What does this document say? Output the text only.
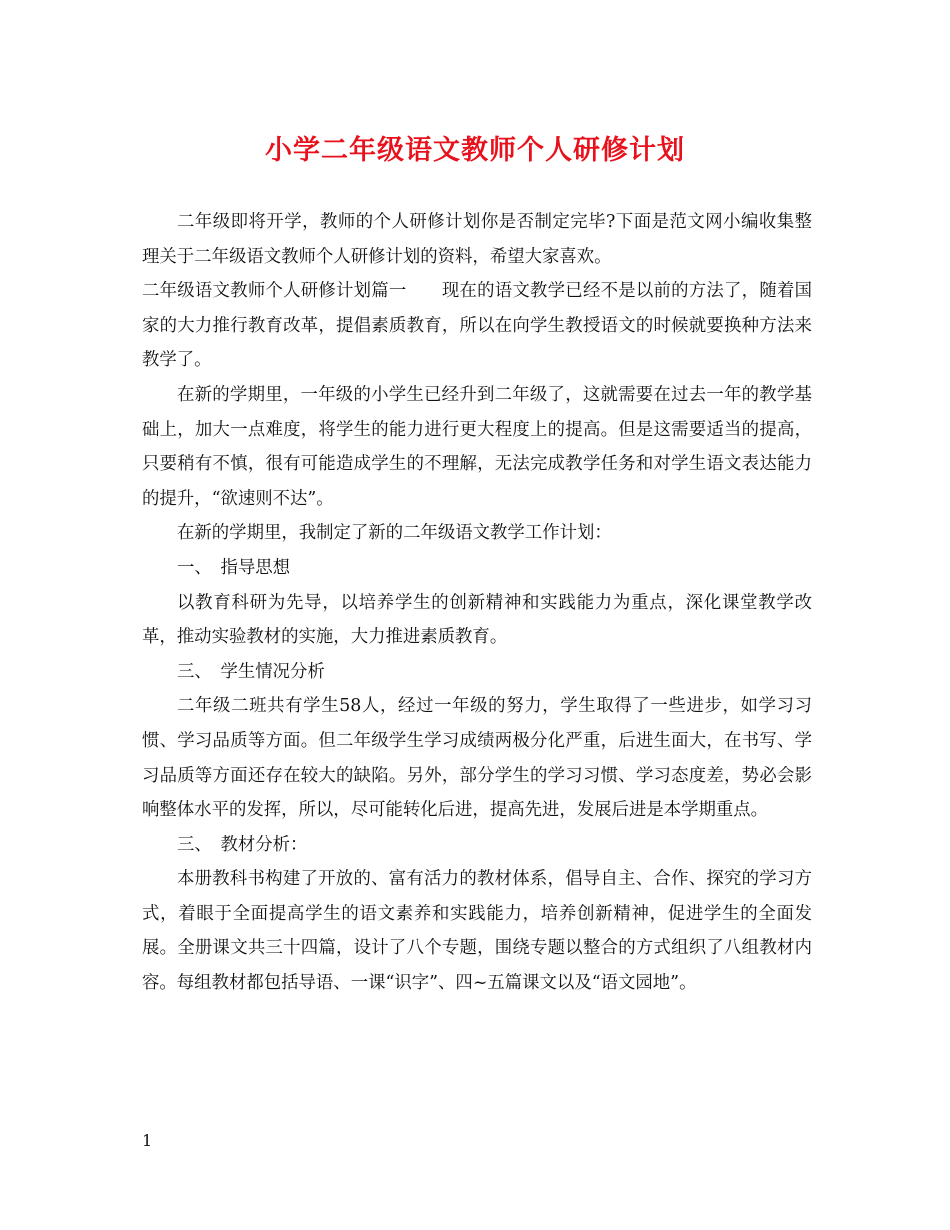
小学二年级语文教师个人研修计划

二年级即将开学，教师的个人研修计划你是否制定完毕?下面是范文网小编收集整理关于二年级语文教师个人研修计划的资料，希望大家喜欢。

二年级语文教师个人研修计划篇一　　现在的语文教学已经不是以前的方法了，随着国家的大力推行教育改革，提倡素质教育，所以在向学生教授语文的时候就要换种方法来教学了。

在新的学期里，一年级的小学生已经升到二年级了，这就需要在过去一年的教学基础上，加大一点难度，将学生的能力进行更大程度上的提高。但是这需要适当的提高，只要稍有不慎，很有可能造成学生的不理解，无法完成教学任务和对学生语文表达能力的提升，“欲速则不达”。

在新的学期里，我制定了新的二年级语文教学工作计划：

一、　指导思想

以教育科研为先导，以培养学生的创新精神和实践能力为重点，深化课堂教学改革，推动实验教材的实施，大力推进素质教育。

三、　学生情况分析

二年级二班共有学生58人，经过一年级的努力，学生取得了一些进步，如学习习惯、学习品质等方面。但二年级学生学习成绩两极分化严重，后进生面大，在书写、学习品质等方面还存在较大的缺陷。另外，部分学生的学习习惯、学习态度差，势必会影响整体水平的发挥，所以，尽可能转化后进，提高先进，发展后进是本学期重点。

三、　教材分析：

本册教科书构建了开放的、富有活力的教材体系，倡导自主、合作、探究的学习方式，着眼于全面提高学生的语文素养和实践能力，培养创新精神，促进学生的全面发展。全册课文共三十四篇，设计了八个专题，围绕专题以整合的方式组织了八组教材内容。每组教材都包括导语、一课“识字”、四~五篇课文以及“语文园地”。

1
